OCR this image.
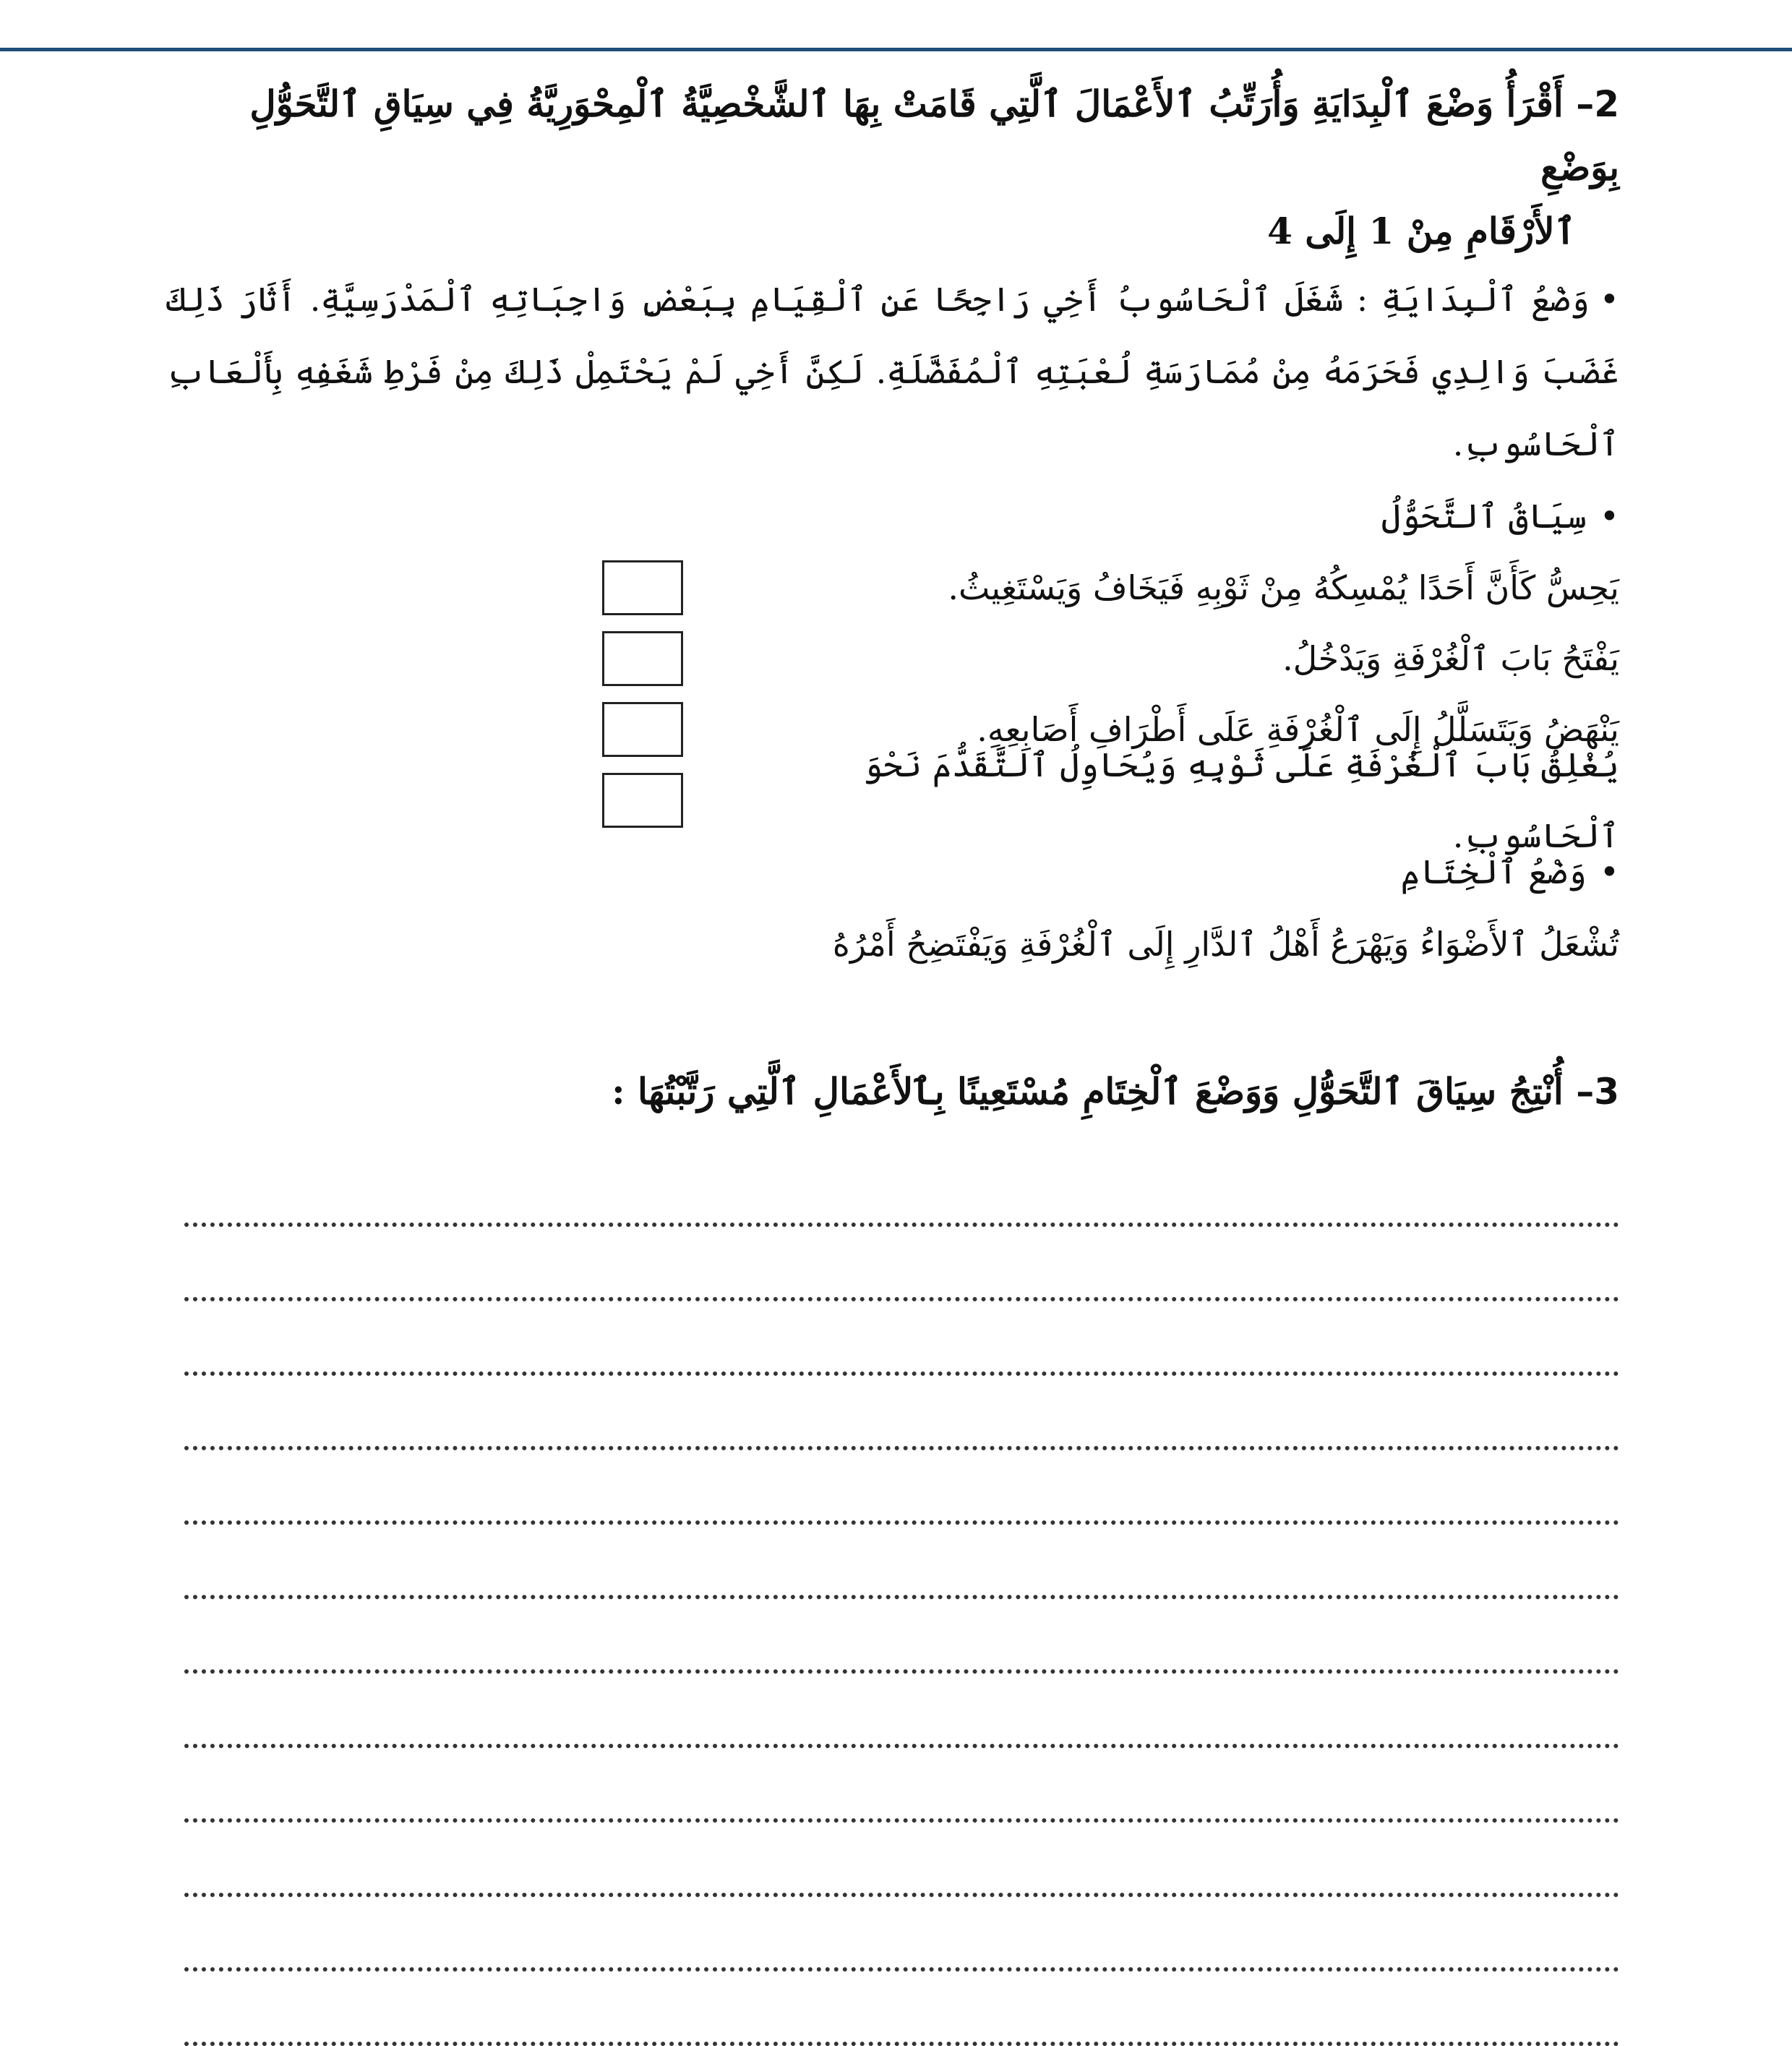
2– أَقْرَأُ وَضْعَ ٱلْبِدَايَةِ وَأُرَتِّبُ ٱلأَعْمَالَ ٱلَّتِي قَامَتْ بِهَا ٱلشَّخْصِيَّةُ ٱلْمِحْوَرِيَّةُ فِي سِيَاقِ ٱلتَّحَوُّلِ بِوَضْعِ

ٱلأَرْقَامِ مِنْ 1 إِلَى 4

•وَضْعُ ٱلْبِدَايَةِ : شَغَلَ ٱلْحَاسُوبُ أَخِي رَاجِحًا عَنِ ٱلْقِيَامِ بِبَعْضِ وَاجِبَاتِهِ ٱلْمَدْرَسِيَّةِ. أَثَارَ ذَلِكَ غَضَبَ وَالِدِي فَحَرَمَهُ مِنْ مُمَارَسَةِ لُعْبَتِهِ ٱلْمُفَضَّلَةِ. لَكِنَّ أَخِي لَمْ يَحْتَمِلْ ذَلِكَ مِنْ فَرْطِ شَغَفِهِ بِأَلْعَابِ ٱلْحَاسُوبِ.

•سِيَاقُ ٱلتَّحَوُّلُ

يَحِسُّ كَأَنَّ أَحَدًا يُمْسِكُهُ مِنْ ثَوْبِهِ فَيَخَافُ وَيَسْتَغِيثُ.
يَفْتَحُ بَابَ ٱلْغُرْفَةِ وَيَدْخُلُ.
يَنْهَضُ وَيَتَسَلَّلُ إِلَى ٱلْغُرْفَةِ عَلَى أَطْرَافِ أَصَابِعِهِ.
يُغْلِقُ بَابَ ٱلْغُرْفَةِ عَلَى ثَوْبِهِ وَيُحَاوِلُ ٱلتَّقَدُّمَ نَحْوَ ٱلْحَاسُوبِ.

•وَضْعُ ٱلْخِتَامِ

تُشْعَلُ ٱلأَضْوَاءُ وَيَهْرَعُ أَهْلُ ٱلدَّارِ إِلَى ٱلْغُرْفَةِ وَيَفْتَضِحُ أَمْرُهُ

3– أُنْتِجُ سِيَاقَ ٱلتَّحَوُّلِ وَوَضْعَ ٱلْخِتَامِ مُسْتَعِينًا بِٱلأَعْمَالِ ٱلَّتِي رَتَّبْتُهَا :
